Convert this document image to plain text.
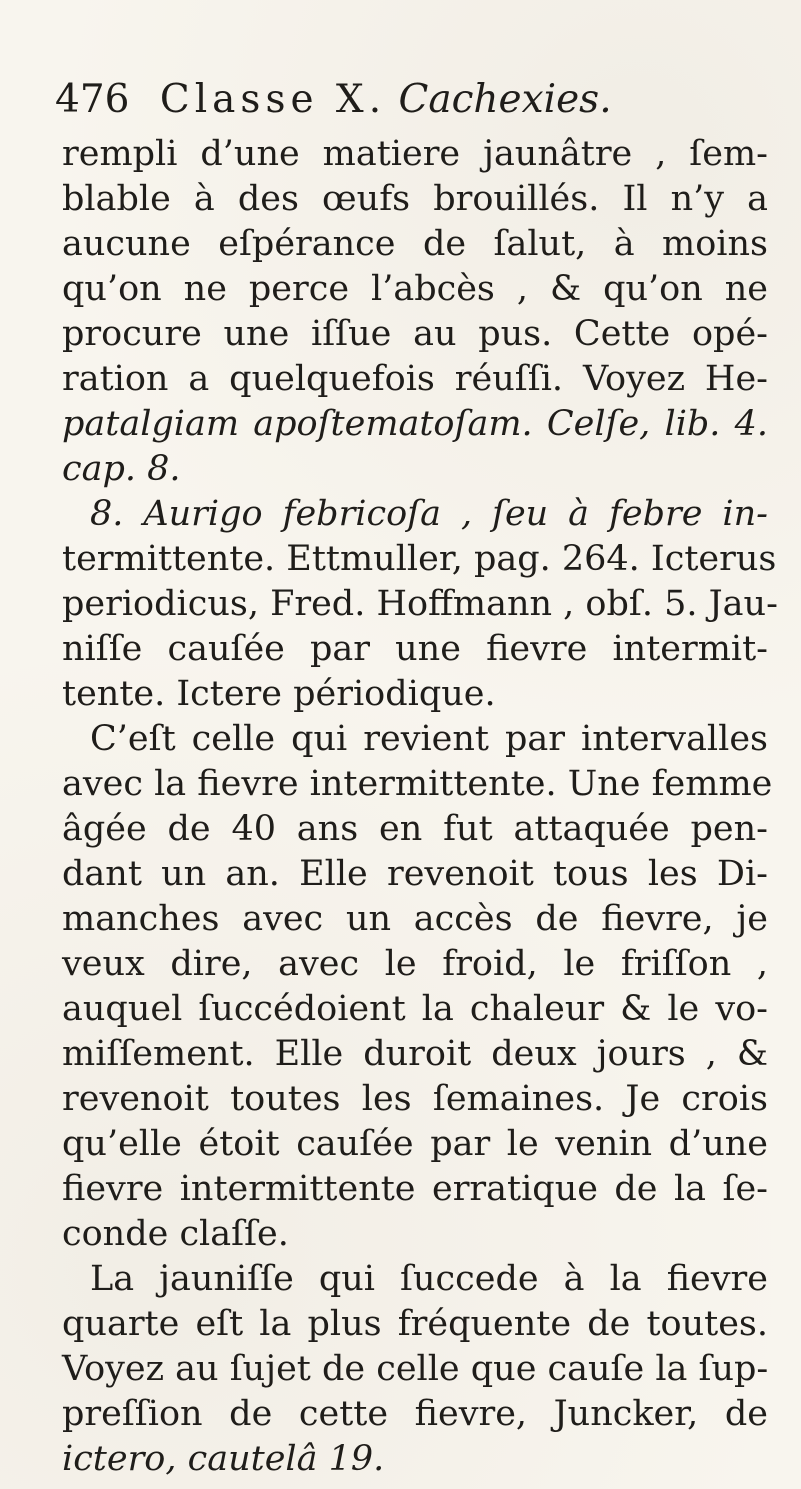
476 Classe X. Cachexies.
rempli d’une matiere jaunâtre , ſem-
blable à des œufs brouillés. Il n’y a
aucune eſpérance de ſalut, à moins
qu’on ne perce l’abcès , & qu’on ne
procure une iſſue au pus. Cette opé-
ration a quelquefois réuſſi. Voyez He-
patalgiam apoſtematoſam. Celſe, lib. 4.
cap. 8.
8. Aurigo febricoſa , ſeu à febre in-
termittente. Ettmuller, pag. 264. Icterus
periodicus, Fred. Hoffmann , obſ. 5. Jau-
niſſe cauſée par une fievre intermit-
tente. Ictere périodique.
C’eſt celle qui revient par intervalles
avec la fievre intermittente. Une femme
âgée de 40 ans en fut attaquée pen-
dant un an. Elle revenoit tous les Di-
manches avec un accès de fievre, je
veux dire, avec le froid, le friſſon ,
auquel ſuccédoient la chaleur & le vo-
miſſement. Elle duroit deux jours , &
revenoit toutes les ſemaines. Je crois
qu’elle étoit cauſée par le venin d’une
fievre intermittente erratique de la ſe-
conde claſſe.
La jauniſſe qui ſuccede à la fievre
quarte eſt la plus fréquente de toutes.
Voyez au ſujet de celle que cauſe la ſup-
preſſion de cette fievre, Juncker, de
ictero, cautelâ 19.
